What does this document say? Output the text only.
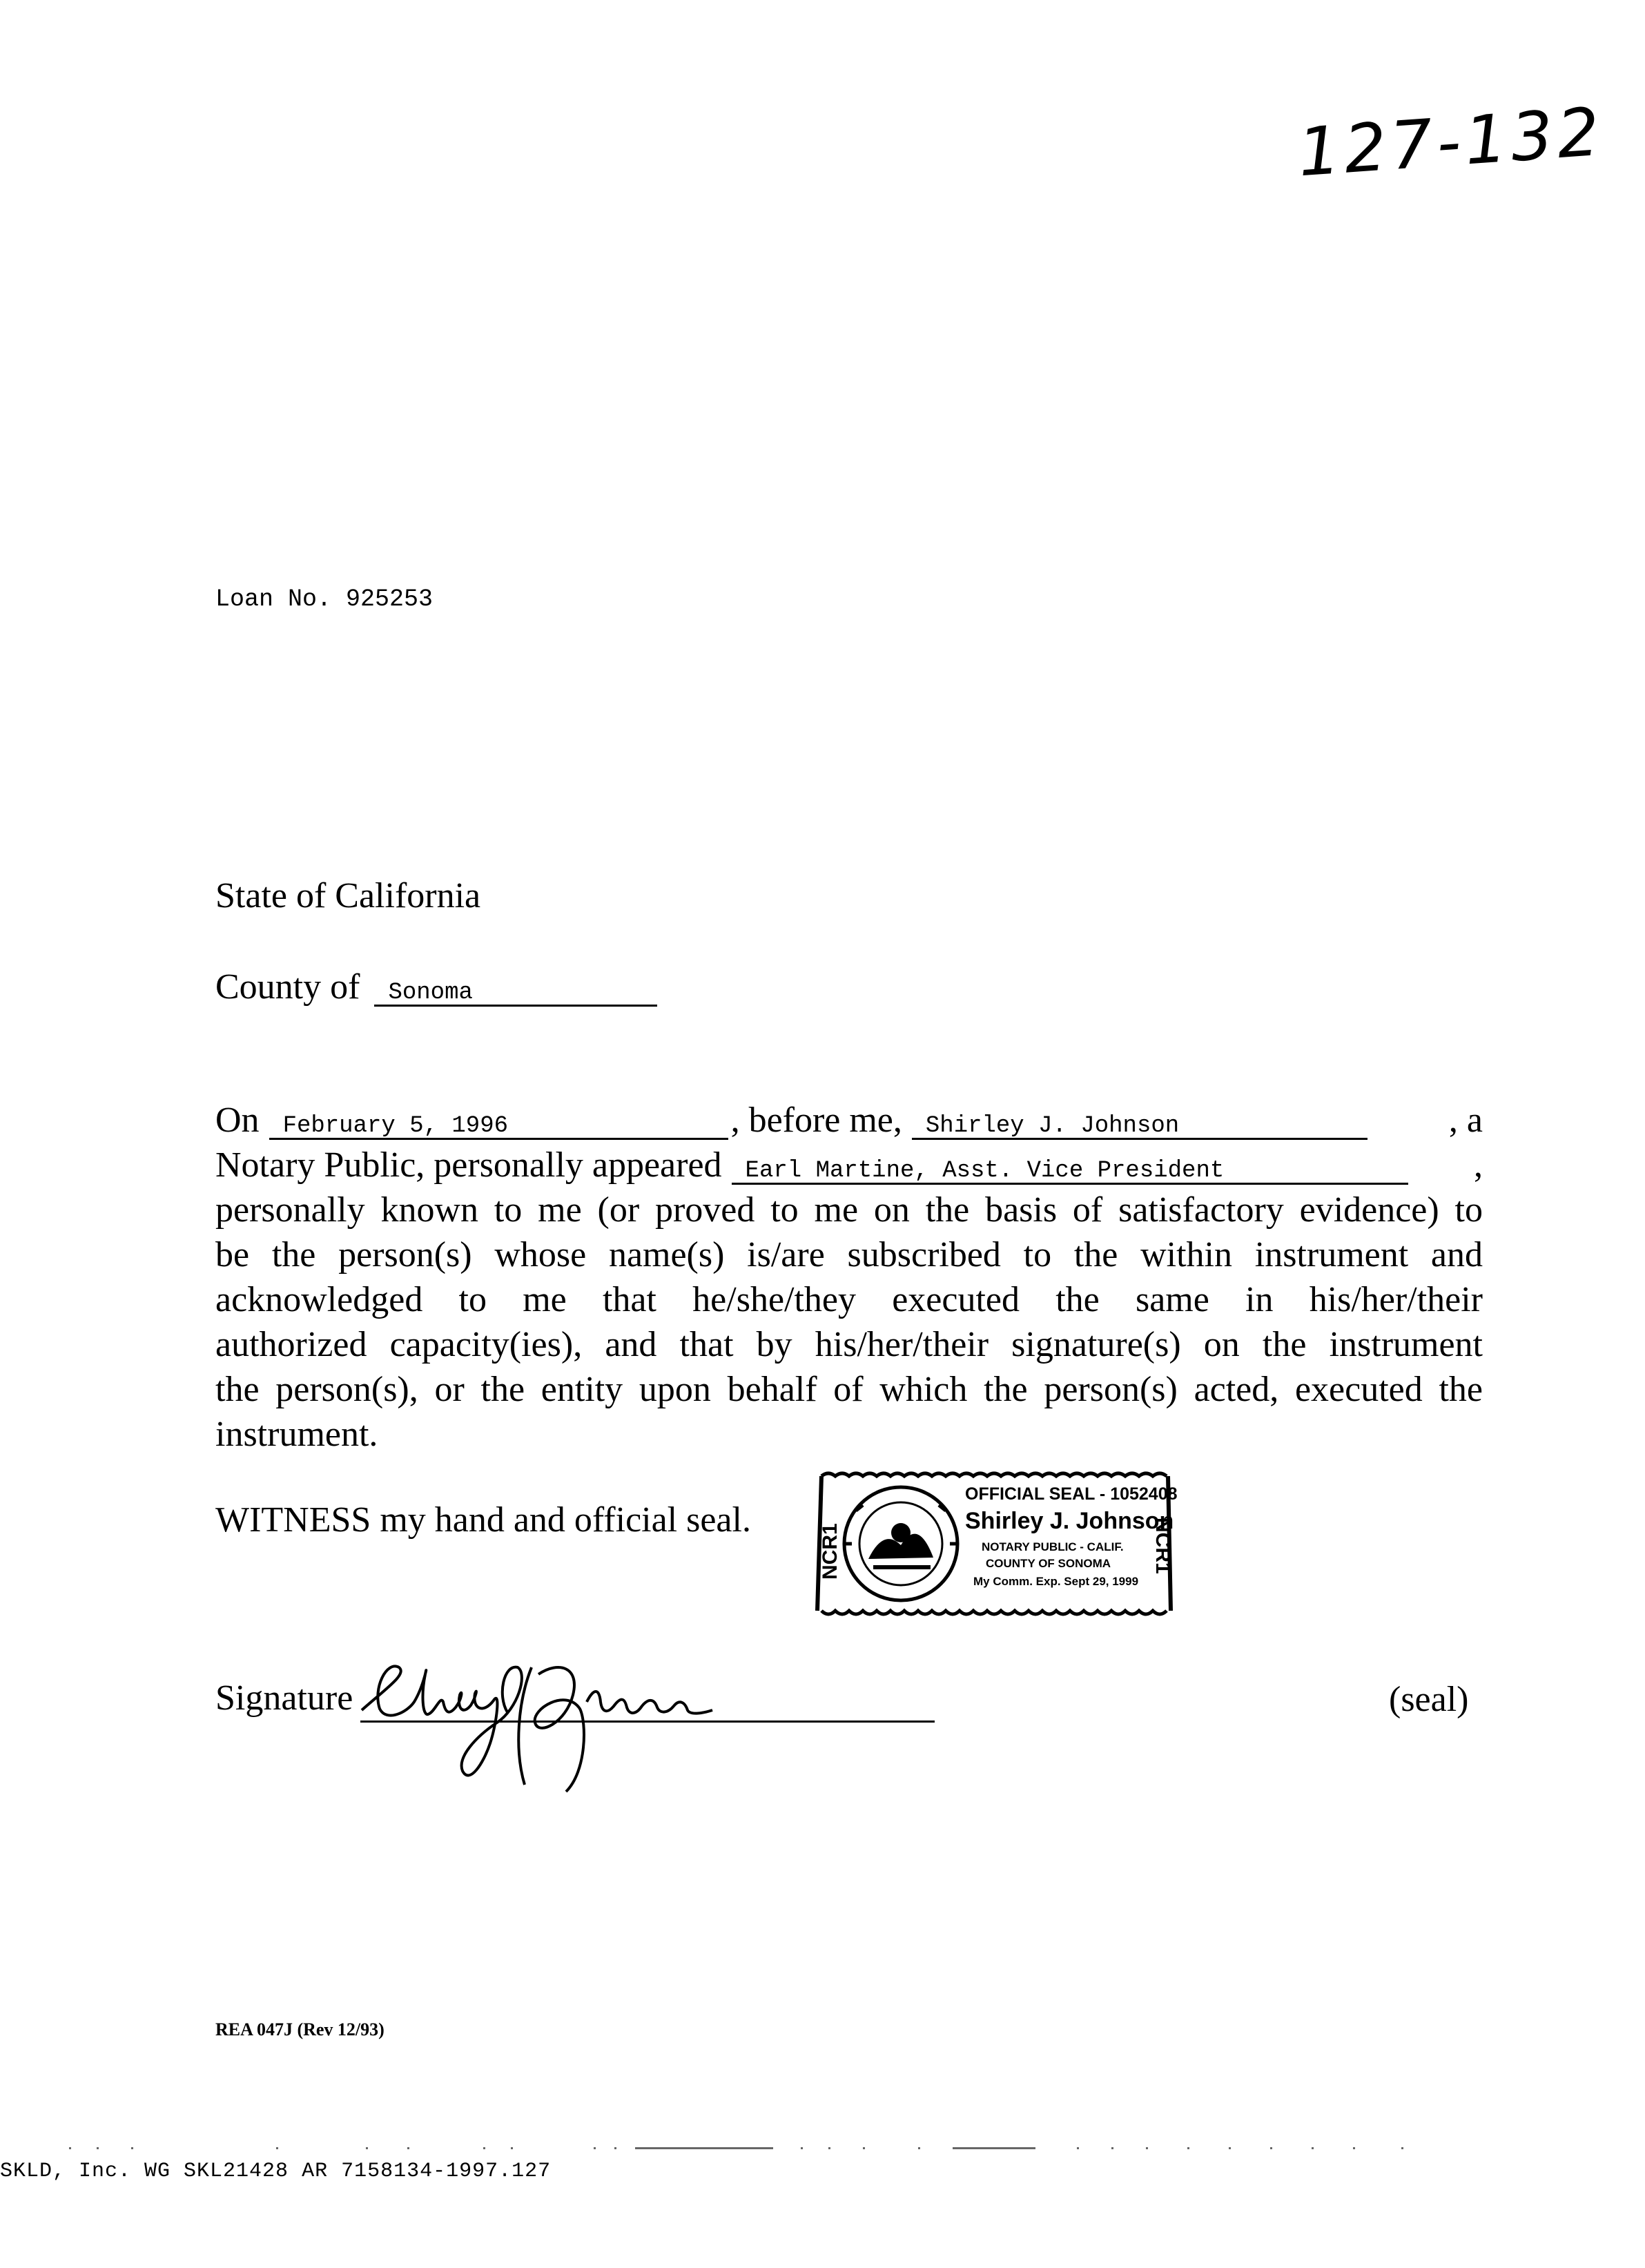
127-132
Loan No. 925253
State of California
County of Sonoma
On	February 5, 1996	, before me,	Shirley J. Johnson	, a
Notary Public, personally appeared	Earl Martine, Asst. Vice President	,
personally known to me (or proved to me on the basis of satisfactory evidence) to
be the person(s) whose name(s) is/are subscribed to the within instrument and
acknowledged to me that he/she/they executed the same in his/her/their
authorized capacity(ies), and that by his/her/their signature(s) on the instrument
the person(s), or the entity upon behalf of which the person(s) acted, executed the
instrument.
WITNESS my hand and official seal.
NCR1	NCR1
OFFICIAL SEAL - 1052408
Shirley J. Johnson
NOTARY PUBLIC - CALIF.
COUNTY OF SONOMA
My Comm. Exp. Sept 29, 1999
Signature	(seal)
REA 047J (Rev 12/93)
SKLD, Inc. WG SKL21428 AR 7158134-1997.127
